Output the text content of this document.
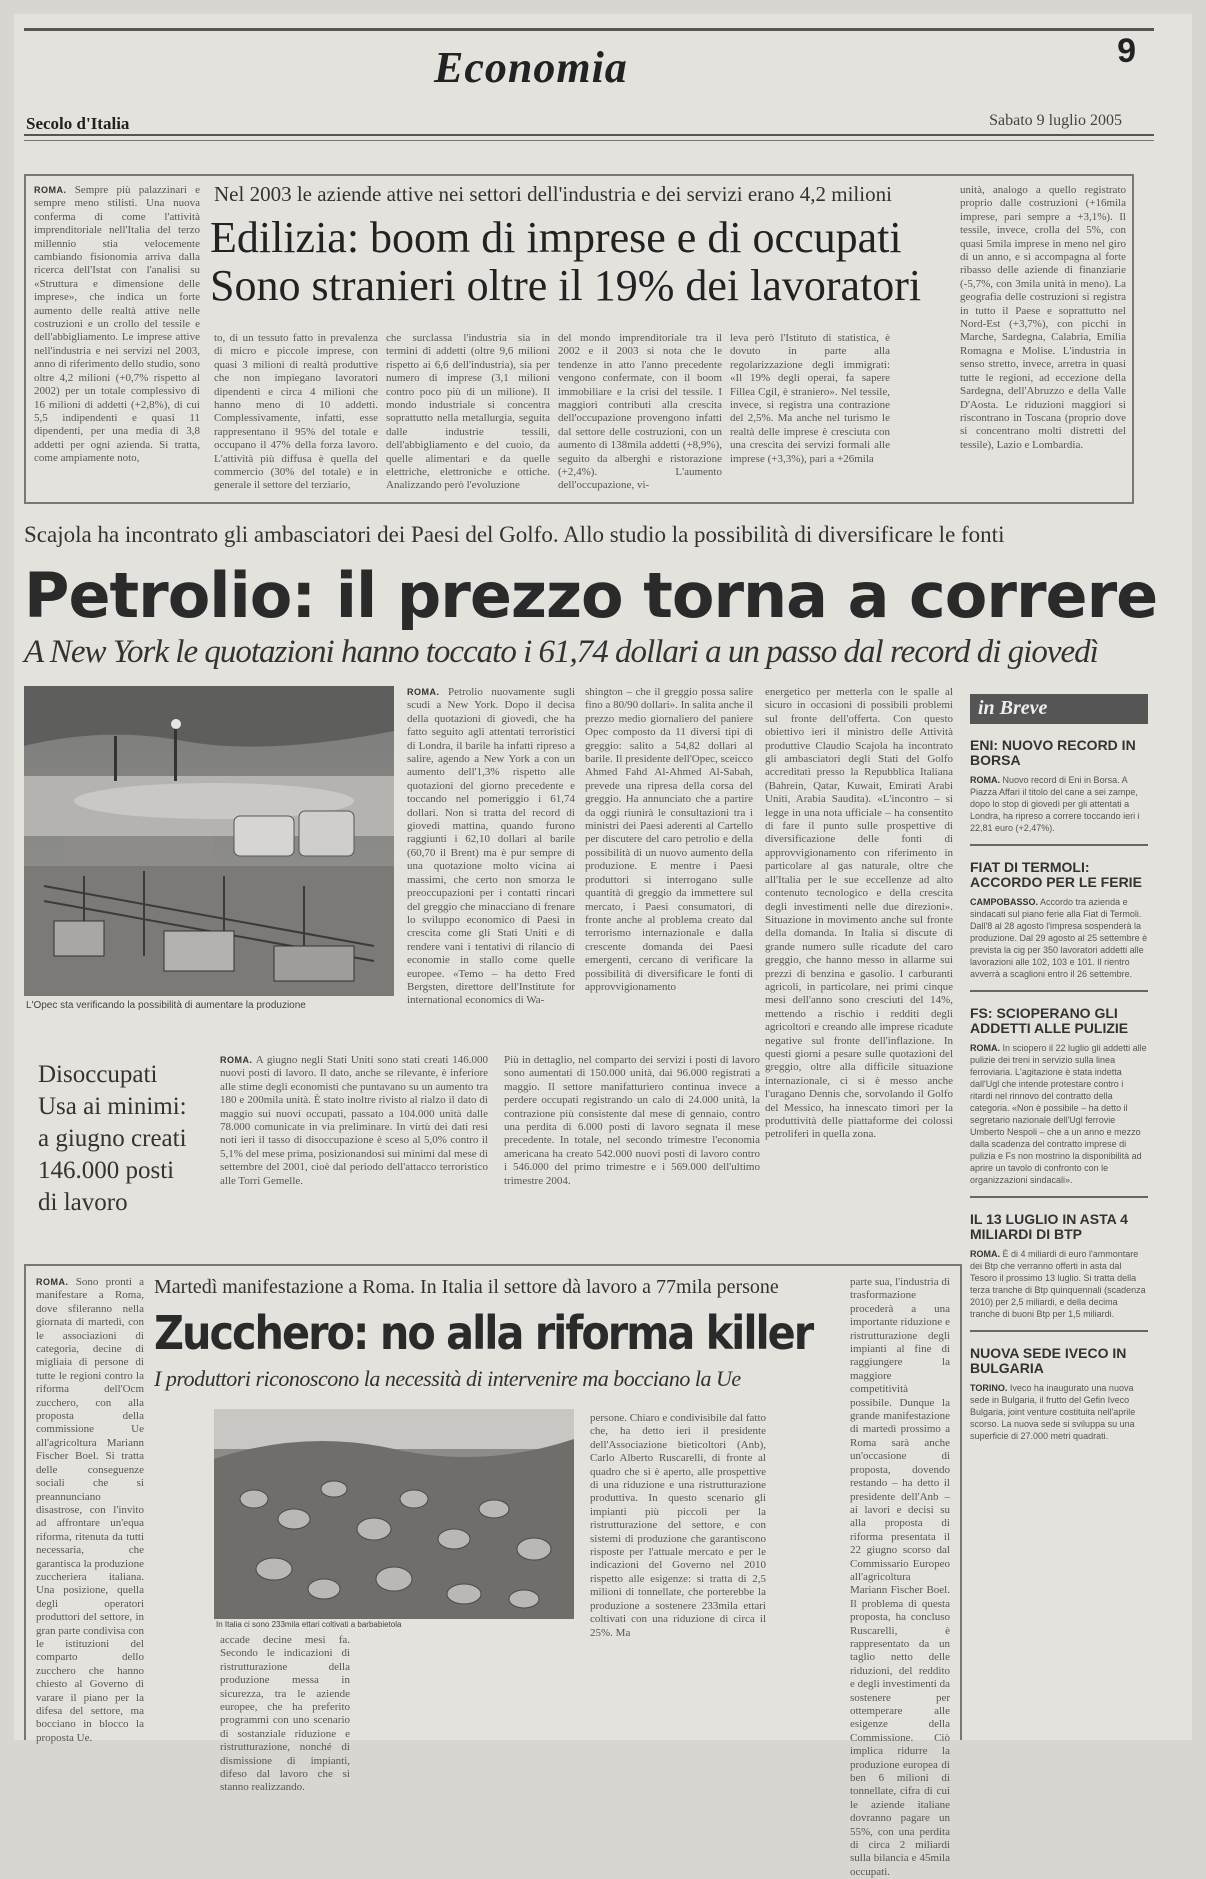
9
Economia
Secolo d'Italia	Sabato 9 luglio 2005
ROMA. Sempre più palazzinari e sempre meno stilisti. Una nuova conferma di come l'attività imprenditoriale nell'Italia del terzo millennio stia velocemente cambiando fisionomia arriva dalla ricerca dell'Istat con l'analisi su «Struttura e dimensione delle imprese», che indica un forte aumento delle realtà attive nelle costruzioni e un crollo del tessile e dell'abbigliamento. Le imprese attive nell'industria e nei servizi nel 2003, anno di riferimento dello studio, sono oltre 4,2 milioni (+0,7% rispetto al 2002) per un totale complessivo di 16 milioni di addetti (+2,8%), di cui 5,5 indipendenti e quasi 11 dipendenti, per una media di 3,8 addetti per ogni azienda. Si tratta, come ampiamente noto,
Nel 2003 le aziende attive nei settori dell'industria e dei servizi erano 4,2 milioni
Edilizia: boom di imprese e di occupati
Sono stranieri oltre il 19% dei lavoratori
to, di un tessuto fatto in prevalenza di micro e piccole imprese, con quasi 3 milioni di realtà produttive che non impiegano lavoratori dipendenti e circa 4 milioni che hanno meno di 10 addetti. Complessivamente, infatti, esse rappresentano il 95% del totale e occupano il 47% della forza lavoro. L'attività più diffusa è quella del commercio (30% del totale) e in generale il settore del terziario,
che surclassa l'industria sia in termini di addetti (oltre 9,6 milioni rispetto ai 6,6 dell'industria), sia per numero di imprese (3,1 milioni contro poco più di un milione). Il mondo industriale si concentra soprattutto nella metallurgia, seguita dalle industrie tessili, dell'abbigliamento e del cuoio, da quelle alimentari e da quelle elettriche, elettroniche e ottiche. Analizzando però l'evoluzione
del mondo imprenditoriale tra il 2002 e il 2003 si nota che le tendenze in atto l'anno precedente vengono confermate, con il boom immobiliare e la crisi del tessile. I maggiori contributi alla crescita dell'occupazione provengono infatti dal settore delle costruzioni, con un aumento di 138mila addetti (+8,9%), seguito da alberghi e ristorazione (+2,4%). L'aumento dell'occupazione, vi-
leva però l'Istituto di statistica, è dovuto in parte alla regolarizzazione degli immigrati: «Il 19% degli operai, fa sapere Fillea Cgil, è straniero». Nel tessile, invece, si registra una contrazione del 2,5%. Ma anche nel turismo le realtà delle imprese è cresciuta con una crescita dei servizi formali alle imprese (+3,3%), pari a +26mila
unità, analogo a quello registrato proprio dalle costruzioni (+16mila imprese, pari sempre a +3,1%). Il tessile, invece, crolla del 5%, con quasi 5mila imprese in meno nel giro di un anno, e si accompagna al forte ribasso delle aziende di finanziarie (-5,7%, con 3mila unità in meno). La geografia delle costruzioni si registra in tutto il Paese e soprattutto nel Nord-Est (+3,7%), con picchi in Marche, Sardegna, Calabria, Emilia Romagna e Molise. L'industria in senso stretto, invece, arretra in quasi tutte le regioni, ad eccezione della Sardegna, dell'Abruzzo e della Valle D'Aosta. Le riduzioni maggiori si riscontrano in Toscana (proprio dove si concentrano molti distretti del tessile), Lazio e Lombardia.
Scajola ha incontrato gli ambasciatori dei Paesi del Golfo. Allo studio la possibilità di diversificare le fonti
Petrolio: il prezzo torna a correre
A New York le quotazioni hanno toccato i 61,74 dollari a un passo dal record di giovedì
L'Opec sta verificando la possibilità di aumentare la produzione
ROMA. Petrolio nuovamente sugli scudi a New York. Dopo il decisa della quotazioni di giovedì, che ha fatto seguito agli attentati terroristici di Londra, il barile ha infatti ripreso a salire, agendo a New York a con un aumento dell'1,3% rispetto alle quotazioni del giorno precedente e toccando nel pomeriggio i 61,74 dollari. Non si tratta del record di giovedì mattina, quando furono raggiunti i 62,10 dollari al barile (60,70 il Brent) ma è pur sempre di una quotazione molto vicina ai massimi, che certo non smorza le preoccupazioni per i contatti rincari del greggio che minacciano di frenare lo sviluppo economico di Paesi in crescita come gli Stati Uniti e di rendere vani i tentativi di rilancio di economie in stallo come quelle europee. «Temo – ha detto Fred Bergsten, direttore dell'Institute for international economics di Wa-
shington – che il greggio possa salire fino a 80/90 dollari». In salita anche il prezzo medio giornaliero del paniere Opec composto da 11 diversi tipi di greggio: salito a 54,82 dollari al barile. Il presidente dell'Opec, sceicco Ahmed Fahd Al-Ahmed Al-Sabah, prevede una ripresa della corsa del greggio. Ha annunciato che a partire da oggi riunirà le consultazioni tra i ministri dei Paesi aderenti al Cartello per discutere del caro petrolio e della possibilità di un nuovo aumento della produzione. E mentre i Paesi produttori si interrogano sulle quantità di greggio da immettere sul mercato, i Paesi consumatori, di fronte anche al problema creato dal terrorismo internazionale e dalla crescente domanda dei Paesi emergenti, cercano di verificare la possibilità di diversificare le fonti di approvvigionamento
energetico per metterla con le spalle al sicuro in occasioni di possibili problemi sul fronte dell'offerta. Con questo obiettivo ieri il ministro delle Attività produttive Claudio Scajola ha incontrato gli ambasciatori degli Stati del Golfo accreditati presso la Repubblica Italiana (Bahrein, Qatar, Kuwait, Emirati Arabi Uniti, Arabia Saudita). «L'incontro – si legge in una nota ufficiale – ha consentito di fare il punto sulle prospettive di diversificazione delle fonti di approvvigionamento con riferimento in particolare al gas naturale, oltre che all'Italia per le sue eccellenze ad alto contenuto tecnologico e della crescita degli investimenti nelle due direzioni». Situazione in movimento anche sul fronte della domanda. In Italia si discute di grande numero sulle ricadute del caro greggio, che hanno messo in allarme sui prezzi di benzina e gasolio. I carburanti agricoli, in particolare, nei primi cinque mesi dell'anno sono cresciuti del 14%, mettendo a rischio i redditi degli agricoltori e creando alle imprese ricadute negative sul fronte dell'inflazione. In questi giorni a pesare sulle quotazioni del greggio, oltre alla difficile situazione internazionale, ci si è messo anche l'uragano Dennis che, sorvolando il Golfo del Messico, ha innescato timori per la produttività delle piattaforme dei colossi petroliferi in quella zona.
Disoccupati Usa ai minimi: a giugno creati 146.000 posti di lavoro
ROMA. A giugno negli Stati Uniti sono stati creati 146.000 nuovi posti di lavoro. Il dato, anche se rilevante, è inferiore alle stime degli economisti che puntavano su un aumento tra 180 e 200mila unità. È stato inoltre rivisto al rialzo il dato di maggio sui nuovi occupati, passato a 104.000 unità dalle 78.000 comunicate in via preliminare. In virtù dei dati resi noti ieri il tasso di disoccupazione è sceso al 5,0% contro il 5,1% del mese prima, posizionandosi sui minimi dal mese di settembre del 2001, cioè dal periodo dell'attacco terroristico alle Torri Gemelle.
Più in dettaglio, nel comparto dei servizi i posti di lavoro sono aumentati di 150.000 unità, dai 96.000 registrati a maggio. Il settore manifatturiero continua invece a perdere occupati registrando un calo di 24.000 unità, la contrazione più consistente dal mese di gennaio, contro una perdita di 6.000 posti di lavoro segnata il mese precedente. In totale, nel secondo trimestre l'economia americana ha creato 542.000 nuovi posti di lavoro contro i 546.000 del primo trimestre e i 569.000 dell'ultimo trimestre 2004.
ROMA. Sono pronti a manifestare a Roma, dove sfileranno nella giornata di martedì, con le associazioni di categoria, decine di migliaia di persone di tutte le regioni contro la riforma dell'Ocm zucchero, con alla proposta della commissione Ue all'agricoltura Mariann Fischer Boel. Si tratta delle conseguenze sociali che si preannunciano disastrose, con l'invito ad affrontare un'equa riforma, ritenuta da tutti necessaria, che garantisca la produzione zuccheriera italiana. Una posizione, quella degli operatori produttori del settore, in gran parte condivisa con le istituzioni del comparto dello zucchero che hanno chiesto al Governo di varare il piano per la difesa del settore, ma bocciano in blocco la proposta Ue.
Martedì manifestazione a Roma. In Italia il settore dà lavoro a 77mila persone
Zucchero: no alla riforma killer
I produttori riconoscono la necessità di intervenire ma bocciano la Ue
parte sua, l'industria di trasformazione procederà a una importante riduzione e ristrutturazione degli impianti al fine di raggiungere la maggiore competitività possibile. Dunque la grande manifestazione di martedì prossimo a Roma sarà anche un'occasione di proposta, dovendo restando – ha detto il presidente dell'Anb – ai lavori e decisi su alla proposta di riforma presentata il 22 giugno scorso dal Commissario Europeo all'agricoltura Mariann Fischer Boel. Il problema di questa proposta, ha concluso Ruscarelli, è rappresentato da un taglio netto delle riduzioni, del reddito e degli investimenti da sostenere per ottemperare alle esigenze della Commissione. Ciò implica ridurre la produzione europea di ben 6 milioni di tonnellate, cifra di cui le aziende italiane dovranno pagare un 55%, con una perdita di circa 2 miliardi sulla bilancia e 45mila occupati.
In Italia ci sono 233mila ettari coltivati a barbabietola
accade decine mesi fa. Secondo le indicazioni di ristrutturazione della produzione messa in sicurezza, tra le aziende europee, che ha preferito programmi con uno scenario di sostanziale riduzione e ristrutturazione, nonché di dismissione di impianti, difeso dal lavoro che si stanno realizzando.
persone. Chiaro e condivisibile dal fatto che, ha detto ieri il presidente dell'Associazione bieticoltori (Anb), Carlo Alberto Ruscarelli, di fronte al quadro che si è aperto, alle prospettive di una riduzione e una ristrutturazione produttiva. In questo scenario gli impianti più piccoli per la ristrutturazione del settore, e con sistemi di produzione che garantiscono risposte per l'attuale mercato e per le indicazioni del Governo nel 2010 rispetto alle esigenze: si tratta di 2,5 milioni di tonnellate, che porterebbe la produzione a sostenere 233mila ettari coltivati con una riduzione di circa il 25%. Ma
in Breve
ENI: NUOVO RECORD IN BORSA
ROMA. Nuovo record di Eni in Borsa. A Piazza Affari il titolo del cane a sei zampe, dopo lo stop di giovedì per gli attentati a Londra, ha ripreso a correre toccando ieri i 22,81 euro (+2,47%).
FIAT DI TERMOLI: ACCORDO PER LE FERIE
CAMPOBASSO. Accordo tra azienda e sindacati sul piano ferie alla Fiat di Termoli. Dall'8 al 28 agosto l'impresa sospenderà la produzione. Dal 29 agosto al 25 settembre è prevista la cig per 350 lavoratori addetti alle lavorazioni alle 102, 103 e 101. Il rientro avverrà a scaglioni entro il 26 settembre.
FS: SCIOPERANO GLI ADDETTI ALLE PULIZIE
ROMA. In sciopero il 22 luglio gli addetti alle pulizie dei treni in servizio sulla linea ferroviaria. L'agitazione è stata indetta dall'Ugl che intende protestare contro i ritardi nel rinnovo del contratto della categoria. «Non è possibile – ha detto il segretario nazionale dell'Ugl ferrovie Umberto Nespoli – che a un anno e mezzo dalla scadenza del contratto imprese di pulizia e Fs non mostrino la disponibilità ad aprire un tavolo di confronto con le organizzazioni sindacali».
IL 13 LUGLIO IN ASTA 4 MILIARDI DI BTP
ROMA. È di 4 miliardi di euro l'ammontare dei Btp che verranno offerti in asta dal Tesoro il prossimo 13 luglio. Si tratta della terza tranche di Btp quinquennali (scadenza 2010) per 2,5 miliardi, e della decima tranche di buoni Btp per 1,5 miliardi.
NUOVA SEDE IVECO IN BULGARIA
TORINO. Iveco ha inaugurato una nuova sede in Bulgaria, il frutto del Gefin Iveco Bulgaria, joint venture costituita nell'aprile scorso. La nuova sede si sviluppa su una superficie di 27.000 metri quadrati.
